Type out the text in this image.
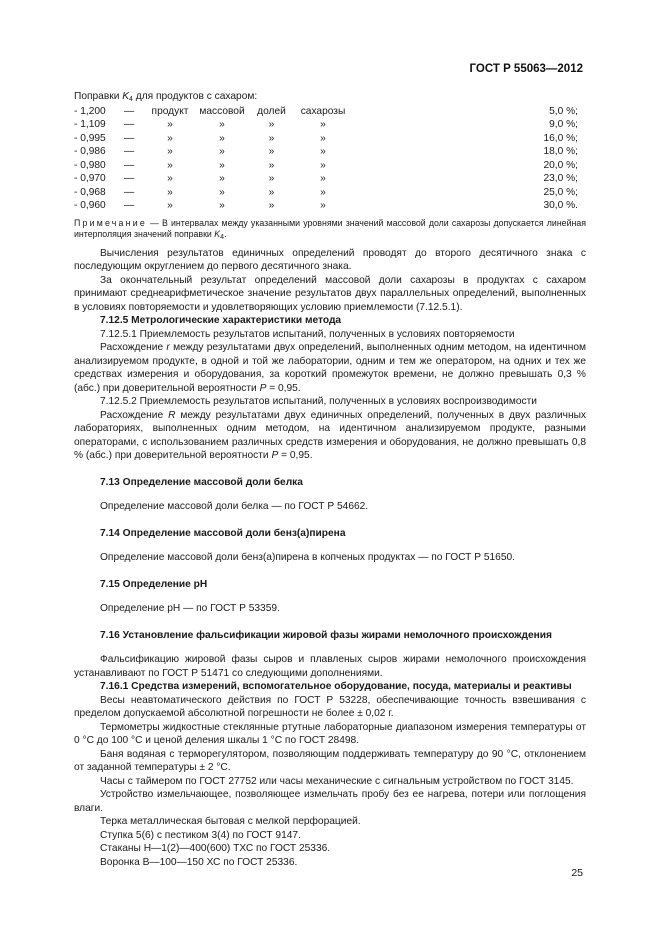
ГОСТ Р 55063—2012

Поправки $K_4$ для продуктов с сахаром:

- 1,200	—	продукт	массовой	долей	сахарозы	5,0 %;
- 1,109	—	»	»	»	»	9,0 %;
- 0,995	—	»	»	»	»	16,0 %;
- 0,986	—	»	»	»	»	18,0 %;
- 0,980	—	»	»	»	»	20,0 %;
- 0,970	—	»	»	»	»	23,0 %;
- 0,968	—	»	»	»	»	25,0 %;
- 0,960	—	»	»	»	»	30,0 %.

Примечание — В интервалах между указанными уровнями значений массовой доли сахарозы допускается линейная интерполяция значений поправки $K_4$.

Вычисления результатов единичных определений проводят до второго десятичного знака с последующим округлением до первого десятичного знака.

За окончательный результат определений массовой доли сахарозы в продуктах с сахаром принимают среднеарифметическое значение результатов двух параллельных определений, выполненных в условиях повторяемости и удовлетворяющих условию приемлемости (7.12.5.1).

7.12.5 Метрологические характеристики метода

7.12.5.1 Приемлемость результатов испытаний, полученных в условиях повторяемости

Расхождение r между результатами двух определений, выполненных одним методом, на идентичном анализируемом продукте, в одной и той же лаборатории, одним и тем же оператором, на одних и тех же средствах измерения и оборудования, за короткий промежуток времени, не должно превышать 0,3 % (абс.) при доверительной вероятности P = 0,95.

7.12.5.2 Приемлемость результатов испытаний, полученных в условиях воспроизводимости

Расхождение R между результатами двух единичных определений, полученных в двух различных лабораториях, выполненных одним методом, на идентичном анализируемом продукте, разными операторами, с использованием различных средств измерения и оборудования, не должно превышать 0,8 % (абс.) при доверительной вероятности P = 0,95.

7.13 Определение массовой доли белка

Определение массовой доли белка — по ГОСТ Р 54662.

7.14 Определение массовой доли бенз(а)пирена

Определение массовой доли бенз(а)пирена в копченых продуктах — по ГОСТ Р 51650.

7.15 Определение pH

Определение pH — по ГОСТ Р 53359.

7.16 Установление фальсификации жировой фазы жирами немолочного происхождения

Фальсификацию жировой фазы сыров и плавленых сыров жирами немолочного происхождения устанавливают по ГОСТ Р 51471 со следующими дополнениями.

7.16.1 Средства измерений, вспомогательное оборудование, посуда, материалы и реактивы

Весы неавтоматического действия по ГОСТ Р 53228, обеспечивающие точность взвешивания с пределом допускаемой абсолютной погрешности не более ± 0,02 г.

Термометры жидкостные стеклянные ртутные лабораторные диапазоном измерения температуры от 0 °С до 100 °С и ценой деления шкалы 1 °С по ГОСТ 28498.

Баня водяная с терморегулятором, позволяющим поддерживать температуру до 90 °С, отклонением от заданной температуры ± 2 °С.

Часы с таймером по ГОСТ 27752 или часы механические с сигнальным устройством по ГОСТ 3145.

Устройство измельчающее, позволяющее измельчать пробу без ее нагрева, потери или поглощения влаги.

Терка металлическая бытовая с мелкой перфорацией.

Ступка 5(6) с пестиком 3(4) по ГОСТ 9147.

Стаканы Н—1(2)—400(600) ТХС по ГОСТ 25336.

Воронка В—100—150 ХС по ГОСТ 25336.

25
